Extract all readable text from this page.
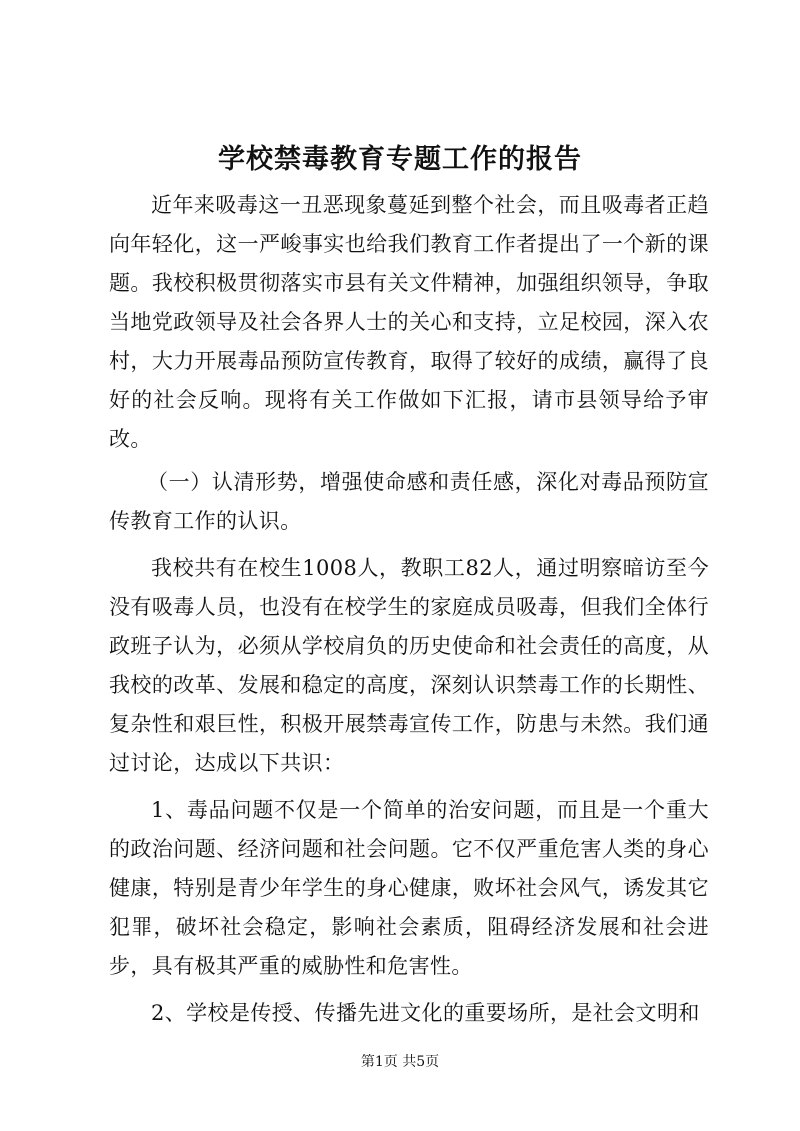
学校禁毒教育专题工作的报告

近年来吸毒这一丑恶现象蔓延到整个社会，而且吸毒者正趋向年轻化，这一严峻事实也给我们教育工作者提出了一个新的课题。我校积极贯彻落实市县有关文件精神，加强组织领导，争取当地党政领导及社会各界人士的关心和支持，立足校园，深入农村，大力开展毒品预防宣传教育，取得了较好的成绩，赢得了良好的社会反响。现将有关工作做如下汇报，请市县领导给予审改。

（一）认清形势，增强使命感和责任感，深化对毒品预防宣传教育工作的认识。

我校共有在校生1008人，教职工82人，通过明察暗访至今没有吸毒人员，也没有在校学生的家庭成员吸毒，但我们全体行政班子认为，必须从学校肩负的历史使命和社会责任的高度，从我校的改革、发展和稳定的高度，深刻认识禁毒工作的长期性、复杂性和艰巨性，积极开展禁毒宣传工作，防患与未然。我们通过讨论，达成以下共识：

1、毒品问题不仅是一个简单的治安问题，而且是一个重大的政治问题、经济问题和社会问题。它不仅严重危害人类的身心健康，特别是青少年学生的身心健康，败坏社会风气，诱发其它犯罪，破坏社会稳定，影响社会素质，阻碍经济发展和社会进步，具有极其严重的威胁性和危害性。

2、学校是传授、传播先进文化的重要场所，是社会文明和

第1页 共5页
